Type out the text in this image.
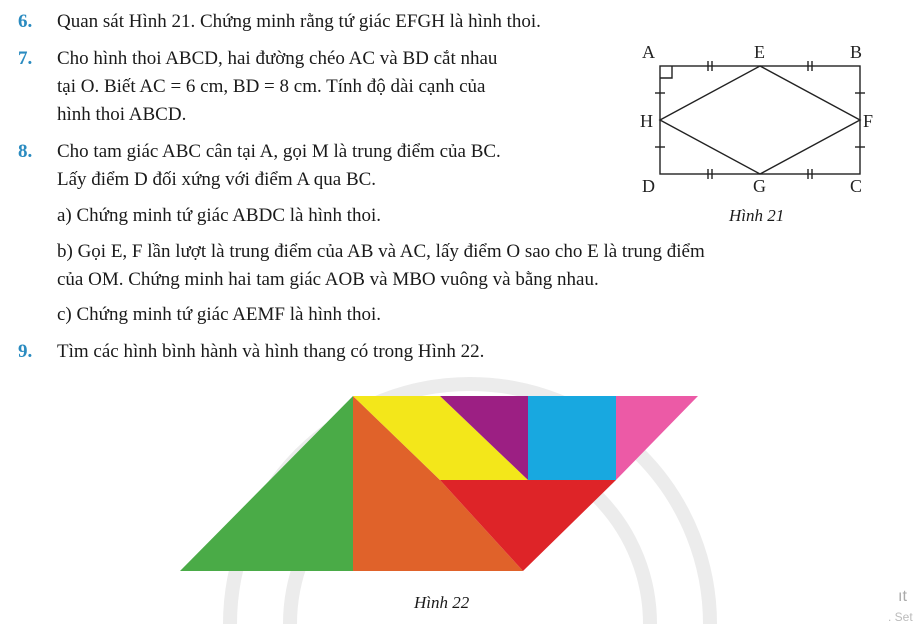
6. Quan sát Hình 21. Chứng minh rằng tứ giác EFGH là hình thoi.
7. Cho hình thoi ABCD, hai đường chéo AC và BD cắt nhau
tại O. Biết AC = 6 cm, BD = 8 cm. Tính độ dài cạnh của
hình thoi ABCD.
8. Cho tam giác ABC cân tại A, gọi M là trung điểm của BC.
Lấy điểm D đối xứng với điểm A qua BC.
a) Chứng minh tứ giác ABDC là hình thoi.
b) Gọi E, F lần lượt là trung điểm của AB và AC, lấy điểm O sao cho E là trung điểm
của OM. Chứng minh hai tam giác AOB và MBO vuông và bằng nhau.
c) Chứng minh tứ giác AEMF là hình thoi.
9. Tìm các hình bình hành và hình thang có trong Hình 22.
A	E	B
H	F
D	G	C
Hình 21
Hình 22	ıt
. Set
